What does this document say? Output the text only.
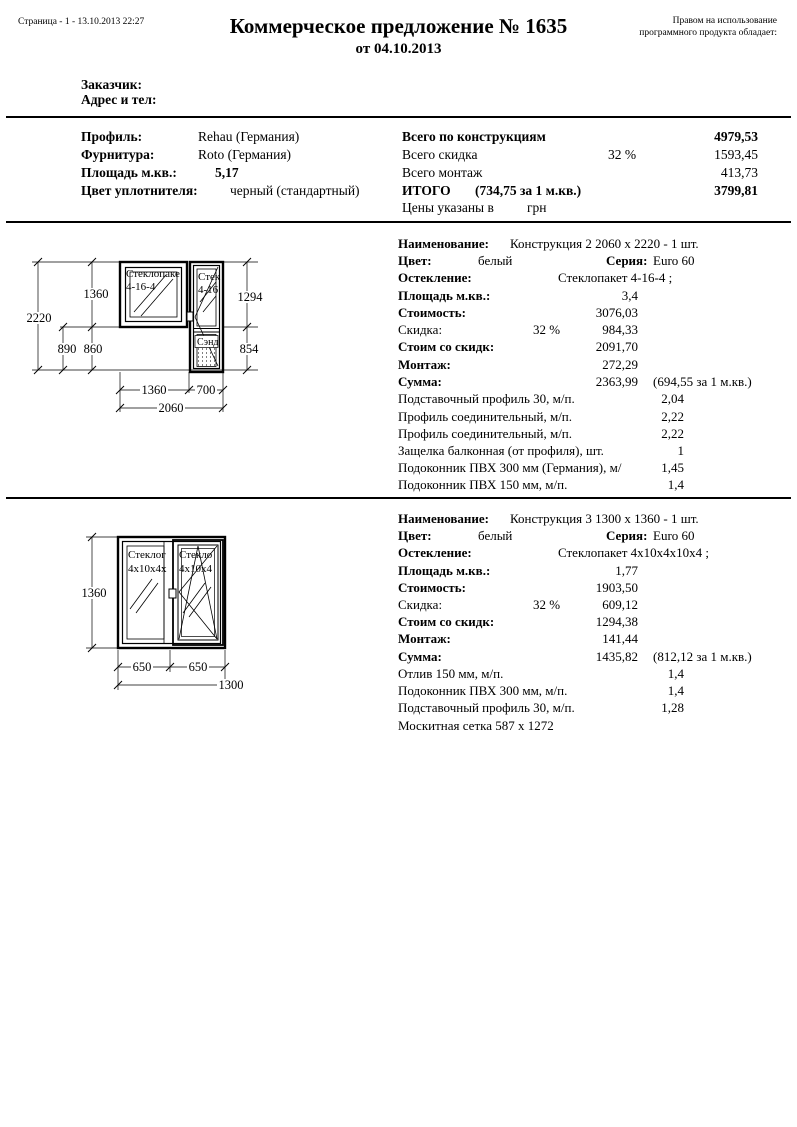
Страница - 1 - 13.10.2013 22:27	Коммерческое предложение № 1635
от 04.10.2013
Правом на использование программного продукта обладает:
Заказчик:
Адрес и тел:
Профиль:	Rehau (Германия)
Фурнитура:	Roto (Германия)
Площадь м.кв.:	5,17
Цвет уплотнителя: черный (стандартный)
Всего по конструкциям	4979,53
Всего скидка	32 %	1593,45
Всего монтаж	413,73
ИТОГО (734,75 за 1 м.кв.)	3799,81
Цены указаны в грн
Стеклопаке
4-16-4
Стек
4-16
Сэнд
2220
1360
890 860
1294
854
1360 700
2060
Наименование: Конструкция 2 2060 x 2220 - 1 шт.
Цвет:	белый	Серия: Euro 60
Остекление:	Стеклопакет 4-16-4 ;
Площадь м.кв.:	3,4
Стоимость:	3076,03
Скидка:	32 %	984,33
Стоим со скидк:	2091,70
Монтаж:	272,29
Сумма:	2363,99 (694,55 за 1 м.кв.)
Подставочный профиль 30, м/п.	2,04
Профиль соединительный, м/п.	2,22
Профиль соединительный, м/п.	2,22
Защелка балконная (от профиля), шт.	1
Подоконник ПВХ 300 мм (Германия), м/	1,45
Подоконник ПВХ 150 мм, м/п.	1,4
Стеклог
4x10x4x
Стекло
4x10x4
1360
650	650
1300
Наименование: Конструкция 3 1300 x 1360 - 1 шт.
Цвет:	белый	Серия: Euro 60
Остекление:	Стеклопакет 4x10x4x10x4 ;
Площадь м.кв.:	1,77
Стоимость:	1903,50
Скидка:	32 %	609,12
Стоим со скидк:	1294,38
Монтаж:	141,44
Сумма:	1435,82 (812,12 за 1 м.кв.)
Отлив 150 мм, м/п.	1,4
Подоконник ПВХ 300 мм, м/п.	1,4
Подставочный профиль 30, м/п.	1,28
Москитная сетка 587 x 1272
